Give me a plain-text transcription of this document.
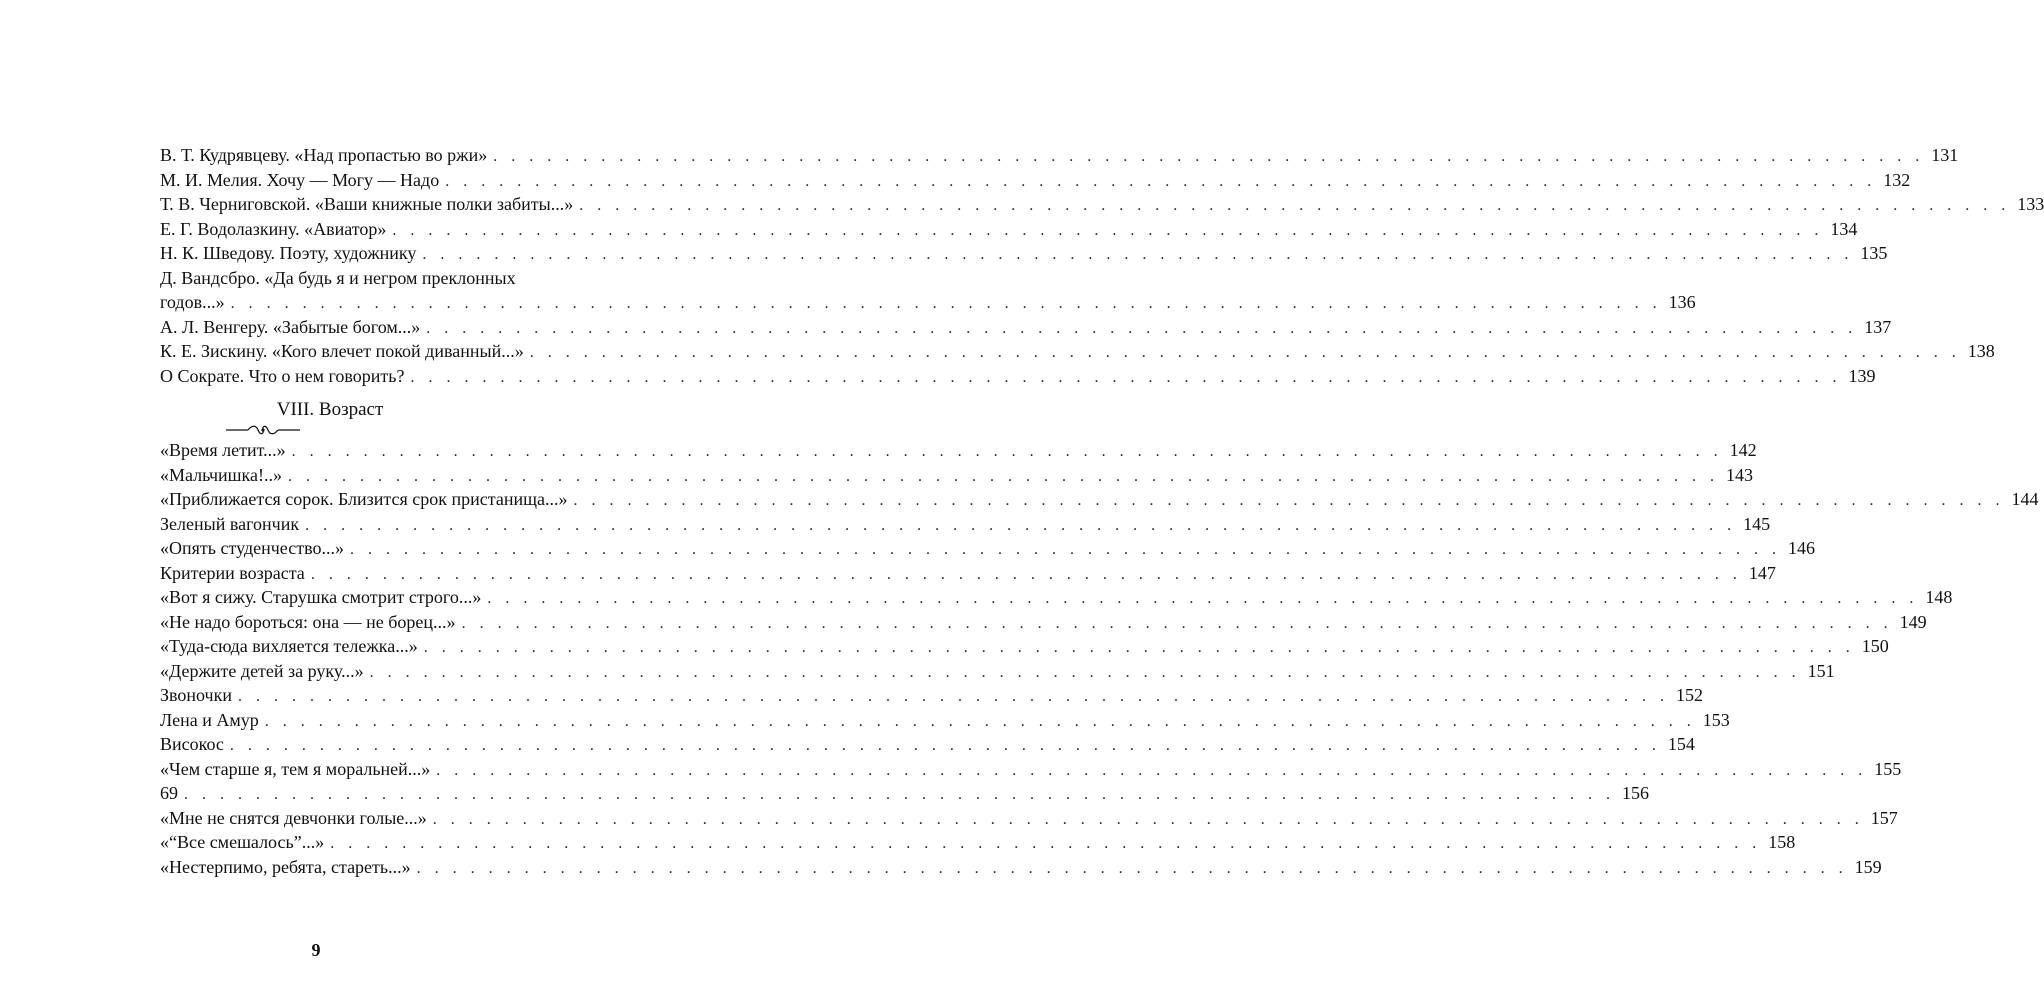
В. Т. Кудрявцеву. «Над пропастью во ржи» . . .	131
М. И. Мелия. Хочу — Могу — Надо . . .	132
Т. В. Черниговской. «Ваши книжные полки забиты...» . . .	133
Е. Г. Водолазкину. «Авиатор» . . .	134
Н. К. Шведову. Поэту, художнику . . .	135
Д. Вандсбро. «Да будь я и негром преклонных
годов...» . . .	136
А. Л. Венгеру. «Забытые богом...» . . .	137
К. Е. Зискину. «Кого влечет покой диванный...» . . .	138
О Сократе. Что о нем говорить? . . .	139
VIII. Возраст
«Время летит...» . . .	142
«Мальчишка!..» . . .	143
«Приближается сорок. Близится срок пристанища...» . . .	144
Зеленый вагончик . . .	145
«Опять студенчество...» . . .	146
Критерии возраста . . .	147
«Вот я сижу. Старушка смотрит строго...» . . .	148
«Не надо бороться: она — не борец...» . . .	149
«Туда-сюда вихляется тележка...» . . .	150
«Держите детей за руку...» . . .	151
Звоночки . . .	152
Лена и Амур . . .	153
Високос . . .	154
«Чем старше я, тем я моральней...» . . .	155
69 . . .	156
«Мне не снятся девчонки голые...» . . .	157
«“Все смешалось”...» . . .	158
«Нестерпимо, ребята, стареть...» . . .	159
9
